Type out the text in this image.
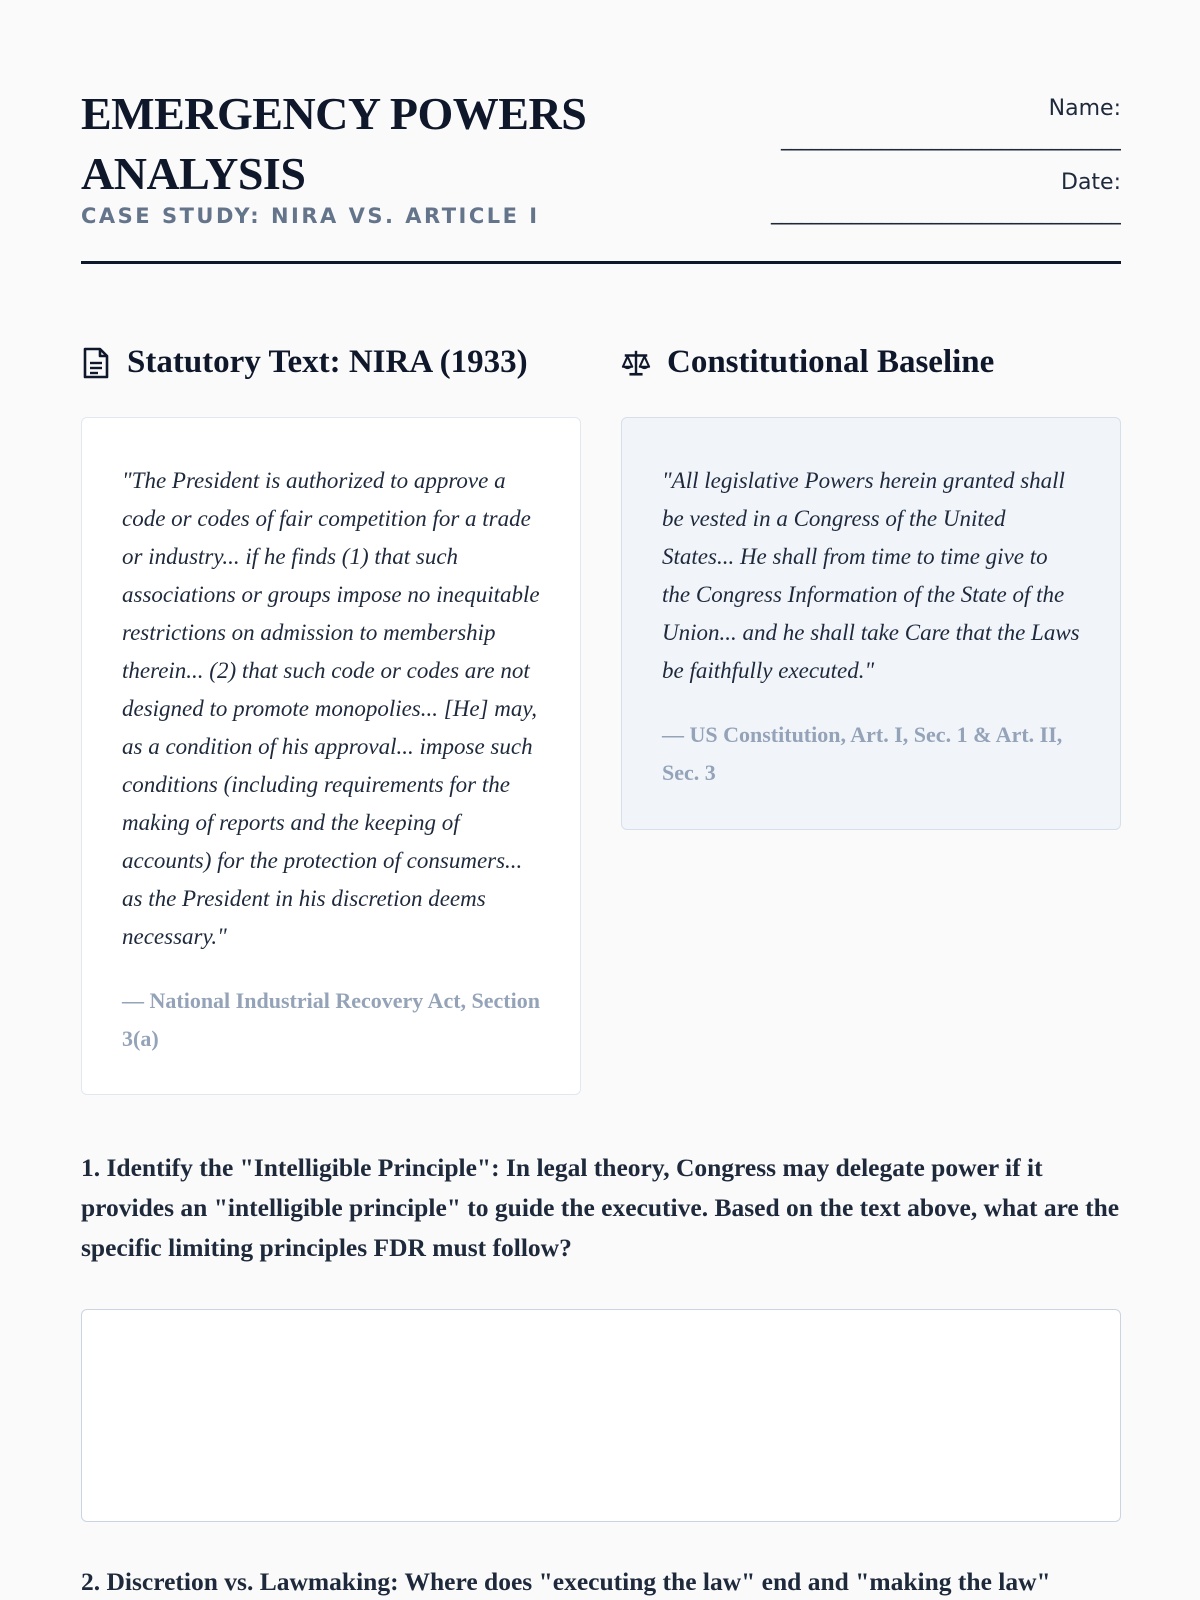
EMERGENCY POWERS ANALYSIS
CASE STUDY: NIRA VS. ARTICLE I
Name:
__________________________________
Date:
___________________________________
Statutory Text: NIRA (1933)	Constitutional Baseline
"The President is authorized to approve a code or codes of fair competition for a trade or industry... if he finds (1) that such associations or groups impose no inequitable restrictions on admission to membership therein... (2) that such code or codes are not designed to promote monopolies... [He] may, as a condition of his approval... impose such conditions (including requirements for the making of reports and the keeping of accounts) for the protection of consumers... as the President in his discretion deems necessary."
— National Industrial Recovery Act, Section 3(a)
"All legislative Powers herein granted shall be vested in a Congress of the United States... He shall from time to time give to the Congress Information of the State of the Union... and he shall take Care that the Laws be faithfully executed."
— US Constitution, Art. I, Sec. 1 & Art. II, Sec. 3
1. Identify the "Intelligible Principle": In legal theory, Congress may delegate power if it provides an "intelligible principle" to guide the executive. Based on the text above, what are the specific limiting principles FDR must follow?
2. Discretion vs. Lawmaking: Where does "executing the law" end and "making the law"
